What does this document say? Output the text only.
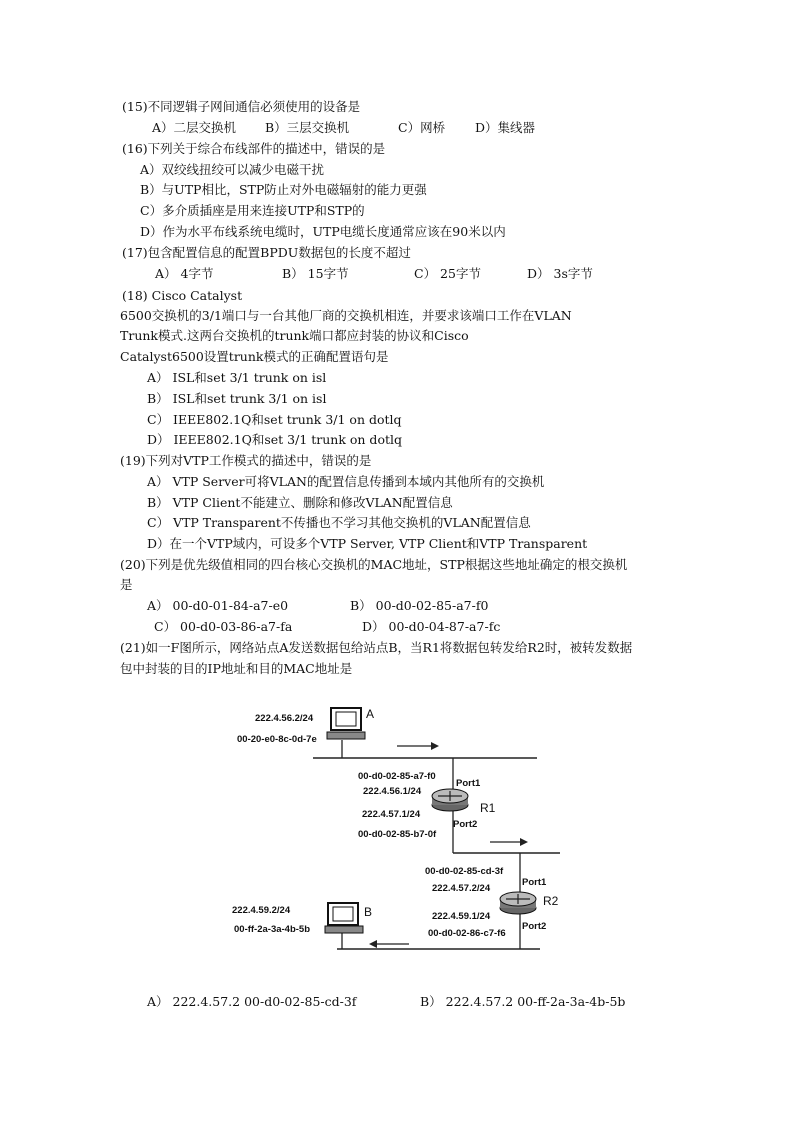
(15)不同逻辑子网间通信必须使用的设备是
A）二层交换机 B）三层交换机	C）网桥 D）集线器
(16)下列关于综合布线部件的描述中，错误的是
A）双绞线扭绞可以减少电磁干扰
B）与UTP相比，STP防止对外电磁辐射的能力更强
C）多介质插座是用来连接UTP和STP的
D）作为水平布线系统电缆时，UTP电缆长度通常应该在90米以内
(17)包含配置信息的配置BPDU数据包的长度不超过
A） 4字节	B） 15字节	C） 25字节	D） 3s字节
(18) Cisco Catalyst
6500交换机的3/1端口与一台其他厂商的交换机相连，并要求该端口工作在VLAN
Trunk模式.这两台交换机的trunk端口都应封装的协议和Cisco
Catalyst6500设置trunk模式的正确配置语句是
A） ISL和set 3/1 trunk on isl
B） ISL和set trunk 3/1 on isl
C） IEEE802.1Q和set trunk 3/1 on dotlq
D） IEEE802.1Q和set 3/1 trunk on dotlq
(19)下列对VTP工作模式的描述中，错误的是
A） VTP Server可将VLAN的配置信息传播到本域内其他所有的交换机
B） VTP Client不能建立、删除和修改VLAN配置信息
C） VTP Transparent不传播也不学习其他交换机的VLAN配置信息
D）在一个VTP域内，可设多个VTP Server, VTP Client和VTP Transparent
(20)下列是优先级值相同的四台核心交换机的MAC地址，STP根据这些地址确定的根交换机
是
A） 00-d0-01-84-a7-e0	B） 00-d0-02-85-a7-f0
C） 00-d0-03-86-a7-fa	D） 00-d0-04-87-a7-fc
(21)如一F图所示，网络站点A发送数据包给站点B，当R1将数据包转发给R2时，被转发数据
包中封装的目的IP地址和目的MAC地址是
A
222.4.56.2/24
00-20-e0-8c-0d-7e
00-d0-02-85-a7-f0
Port1
222.4.56.1/24
R1
222.4.57.1/24
Port2
00-d0-02-85-b7-0f
00-d0-02-85-cd-3f
222.4.57.2/24
Port1
R2
222.4.59.1/24
Port2
00-d0-02-86-c7-f6
B
222.4.59.2/24
00-ff-2a-3a-4b-5b
A） 222.4.57.2 00-d0-02-85-cd-3f	B） 222.4.57.2 00-ff-2a-3a-4b-5b
